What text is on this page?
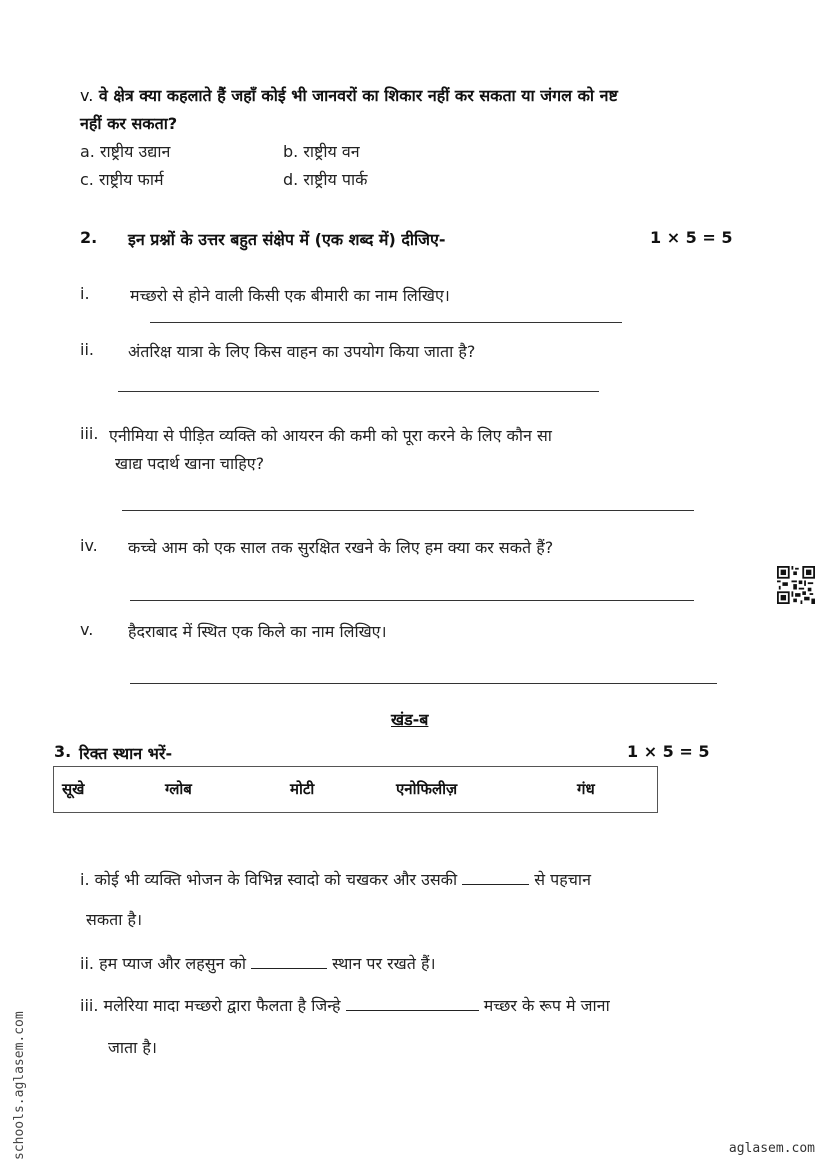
v. वे क्षेत्र क्या कहलाते हैं जहाँ कोई भी जानवरों का शिकार नहीं कर सकता या जंगल को नष्ट
नहीं कर सकता?
a. राष्ट्रीय उद्यान	b. राष्ट्रीय वन
c. राष्ट्रीय फार्म	d. राष्ट्रीय पार्क
2. इन प्रश्नों के उत्तर बहुत संक्षेप में (एक शब्द में) दीजिए-	1 × 5 = 5
i.	मच्छरो से होने वाली किसी एक बीमारी का नाम लिखिए।
ii. अंतरिक्ष यात्रा के लिए किस वाहन का उपयोग किया जाता है?
iii. एनीमिया से पीड़ित व्यक्ति को आयरन की कमी को पूरा करने के लिए कौन सा
खाद्य पदार्थ खाना चाहिए?
iv. कच्चे आम को एक साल तक सुरक्षित रखने के लिए हम क्या कर सकते हैं?
v. हैदराबाद में स्थित एक किले का नाम लिखिए।
खंड-ब
3. रिक्त स्थान भरें-	1 × 5 = 5
सूखे	ग्लोब	मोटी	एनोफिलीज़	गंध
i. कोई भी व्यक्ति भोजन के विभिन्न स्वादो को चखकर और उसकी	से पहचान
सकता है।
ii. हम प्याज और लहसुन को	स्थान पर रखते हैं।
iii. मलेरिया मादा मच्छरो द्वारा फैलता है जिन्हे	मच्छर के रूप मे जाना
जाता है।
schools.aglasem.com	aglasem.com
